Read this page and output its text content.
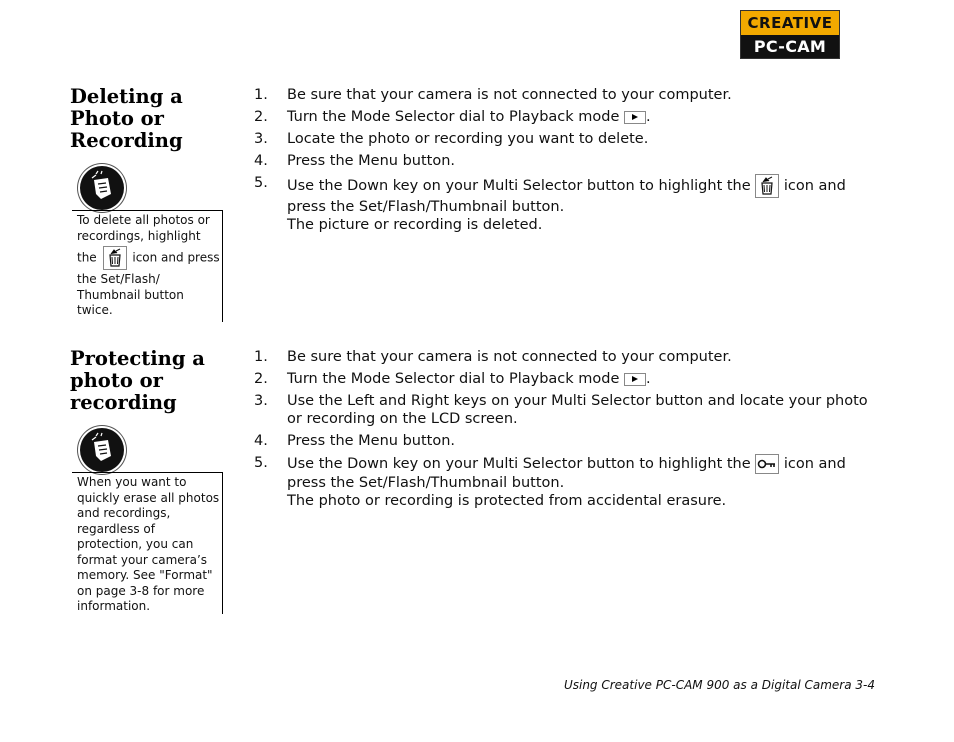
CREATIVE
PC-CAM
Deleting a Photo or Recording
To delete all photos or recordings, highlight the	icon and press the Set/Flash/ Thumbnail button twice.
1. Be sure that your camera is not connected to your computer.
2. Turn the Mode Selector dial to Playback mode .
3. Locate the photo or recording you want to delete.
4. Press the Menu button.
5. Use the Down key on your Multi Selector button to highlight the icon and press the Set/Flash/Thumbnail button.
The picture or recording is deleted.
Protecting a photo or recording
When you want to quickly erase all photos and recordings, regardless of protection, you can format your camera’s memory. See "Format" on page 3-8 for more information.
1. Be sure that your camera is not connected to your computer.
2. Turn the Mode Selector dial to Playback mode .
3. Use the Left and Right keys on your Multi Selector button and locate your photo or recording on the LCD screen.
4. Press the Menu button.
5. Use the Down key on your Multi Selector button to highlight the icon and press the Set/Flash/Thumbnail button.
The photo or recording is protected from accidental erasure.
Using Creative PC-CAM 900 as a Digital Camera 3-4
